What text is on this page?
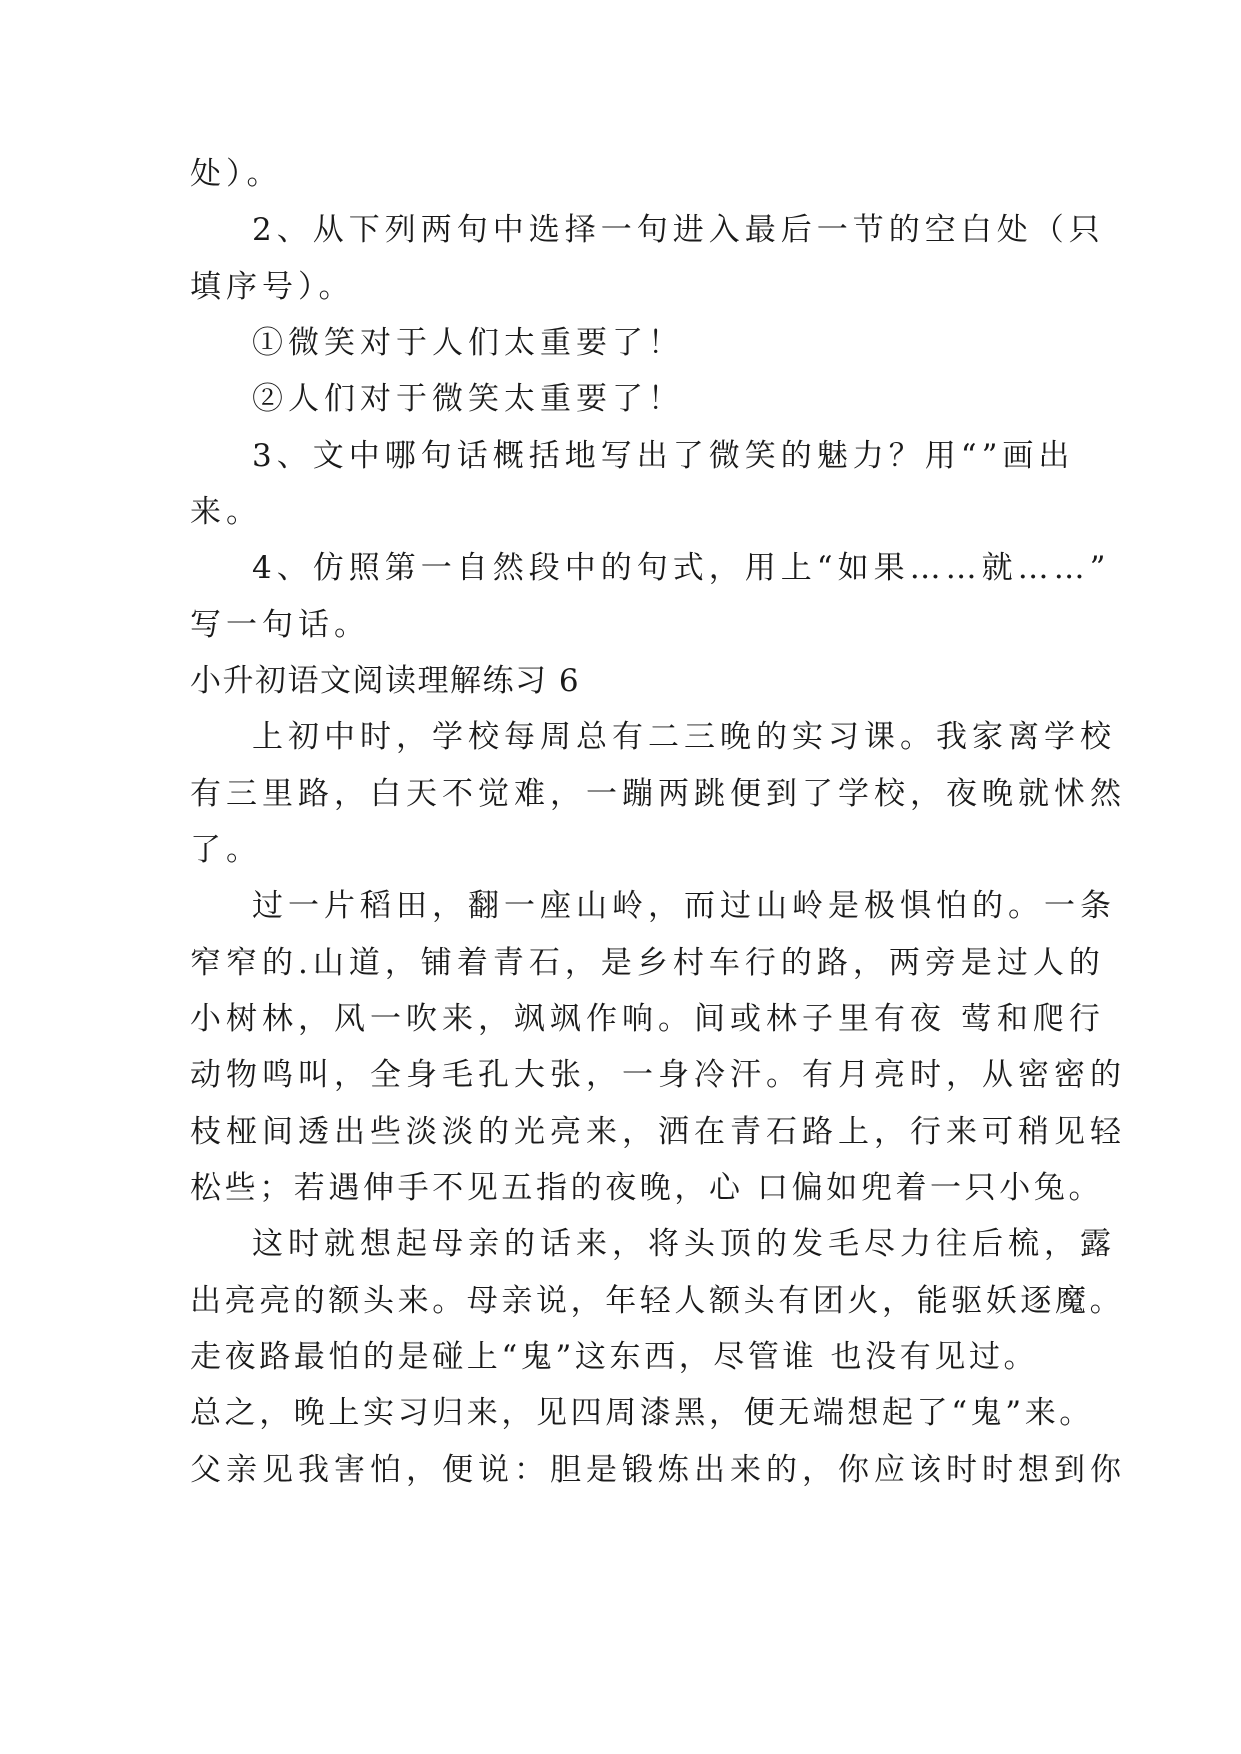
处）。
2、从下列两句中选择一句进入最后一节的空白处（只
填序号）。
①微笑对于人们太重要了！
②人们对于微笑太重要了！
3、文中哪句话概括地写出了微笑的魅力？用“”画出
来。
4、仿照第一自然段中的句式，用上“如果……就……”
写一句话。
小升初语文阅读理解练习 6
上初中时，学校每周总有二三晚的实习课。我家离学校
有三里路，白天不觉难，一蹦两跳便到了学校，夜晚就怵然
了。
过一片稻田，翻一座山岭，而过山岭是极惧怕的。一条
窄窄的.山道，铺着青石，是乡村车行的路，两旁是过人的
小树林，风一吹来，飒飒作响。间或林子里有夜 莺和爬行
动物鸣叫，全身毛孔大张，一身冷汗。有月亮时，从密密的
枝桠间透出些淡淡的光亮来，洒在青石路上，行来可稍见轻
松些；若遇伸手不见五指的夜晚，心 口偏如兜着一只小兔。
这时就想起母亲的话来，将头顶的发毛尽力往后梳，露
出亮亮的额头来。母亲说，年轻人额头有团火，能驱妖逐魔。
走夜路最怕的是碰上“鬼”这东西，尽管谁 也没有见过。
总之，晚上实习归来，见四周漆黑，便无端想起了“鬼”来。
父亲见我害怕，便说：胆是锻炼出来的，你应该时时想到你
